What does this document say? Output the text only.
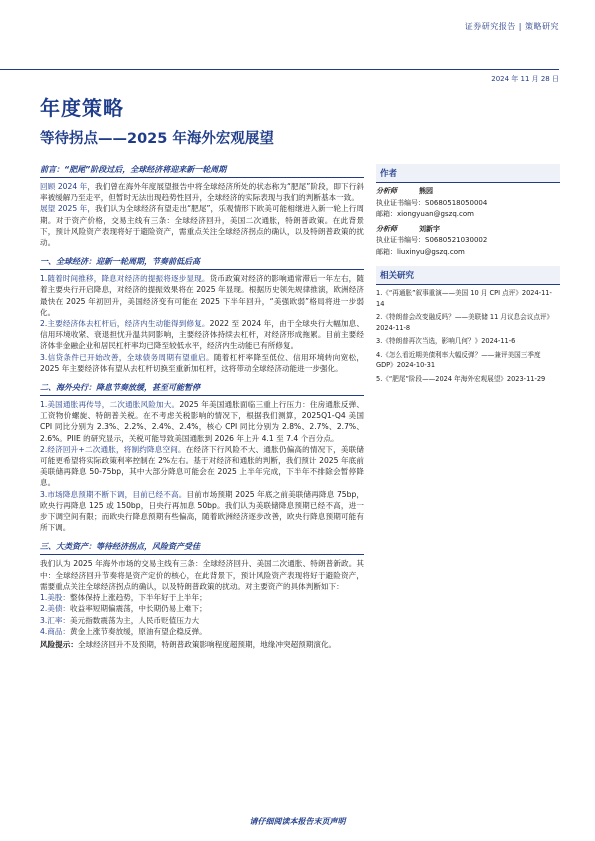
证券研究报告 | 策略研究
2024 年 11 月 28 日
年度策略
等待拐点——2025 年海外宏观展望
前言：“肥尾”阶段过后，全球经济将迎来新一轮周期
回顾 2024 年，我们曾在海外年度展望报告中将全球经济所处的状态称为“肥尾”阶段，即下行斜率被缓解乃至走平，但暂时无法出现趋势性回升，全球经济的实际表现与我们的判断基本一致。
展望 2025 年，我们认为全球经济有望走出“肥尾”，乐观情形下欧美可能相继进入新一轮上行周期。对于资产价格，交易主线有三条：全球经济回升，美国二次通胀，特朗普政策。在此背景下，预计风险资产表现将好于避险资产，需重点关注全球经济拐点的确认，以及特朗普政策的扰动。
一、全球经济：迎新一轮周期，节奏前低后高
1.随着时间推移，降息对经济的提振将逐步显现。货币政策对经济的影响通常滞后一年左右，随着主要央行开启降息，对经济的提振效果将在 2025 年显现。根据历史领先规律推演，欧洲经济最快在 2025 年初回升，美国经济变有可能在 2025 下半年回升，“美强欧弱”格局将进一步弱化。
2.主要经济体去杠杆后，经济内生动能得到修复。2022 至 2024 年，由于全球央行大幅加息、信用环境收紧、衰退担忧升温共同影响，主要经济体持续去杠杆，对经济形成拖累。目前主要经济体非金融企业和居民杠杆率均已降至较低水平，经济内生动能已有所修复。
3.信贷条件已开始改善，全球债务周期有望重启。随着杠杆率降至低位、信用环境转向宽松，2025 年主要经济体有望从去杠杆切换至重新加杠杆，这将带动全球经济动能进一步强化。
二、海外央行：降息节奏放缓，甚至可能暂停
1.美国通胀再传导，二次通胀风险加大。2025 年美国通胀面临三重上行压力：住房通胀反弹、工资物价螺旋、特朗普关税。在不考虑关税影响的情况下，根据我们测算，2025Q1-Q4 美国 CPI 同比分别为 2.3%、2.2%、2.4%、2.4%，核心 CPI 同比分别为 2.8%、2.7%、2.7%、2.6%。PIIE 的研究显示，关税可能导致美国通胀到 2026 年上升 4.1 至 7.4 个百分点。
2.经济回升+二次通胀，将制约降息空间。在经济下行风险不大、通胀仍偏高的情况下，美联储可能更希望将实际政策利率控制在 2%左右。基于对经济和通胀的判断，我们预计 2025 年底前美联储再降息 50-75bp，其中大部分降息可能会在 2025 上半年完成，下半年不排除会暂停降息。
3.市场降息预期不断下调，目前已经不高。目前市场预期 2025 年底之前美联储再降息 75bp，欧央行再降息 125 或 150bp，日央行再加息 50bp。我们认为美联储降息预期已经不高，进一步下调空间有限；而欧央行降息预期有些偏高，随着欧洲经济逐步改善，欧央行降息预期可能有所下调。
三、大类资产：等待经济拐点，风险资产受佳
我们认为 2025 年海外市场的交易主线有三条：全球经济回升、美国二次通胀、特朗普新政。其中：全球经济回升节奏将是资产定价的核心，在此背景下，预计风险资产表现将好于避险资产，需要重点关注全球经济拐点的确认，以及特朗普政策的扰动。对主要资产的具体判断如下：
1.美股：整体保持上涨趋势，下半年好于上半年；
2.美债：收益率短期偏震荡，中长期仍易上难下；
3.汇率：美元指数震荡为主，人民币贬值压力大
4.商品：黄金上涨节奏放缓，原油有望企稳反弹。
风险提示：全球经济回升不及预期，特朗普政策影响程度超预期，地缘冲突超预期演化。
作者
分析师	熊园
执业证书编号：S0680518050004
邮箱：xiongyuan@gszq.com
分析师	刘新宇
执业证书编号：S0680521030002
邮箱：liuxinyu@gszq.com
相关研究
1.《“再通胀”叙事重演——美国 10 月 CPI 点评》2024-11-14
2.《特朗普会改变融反吗？——美联储 11 月议息会议点评》2024-11-8
3.《特朗普再次当选，影响几何？》2024-11-6
4.《怎么看近期美债利率大幅反弹？——兼评美国三季度 GDP》2024-10-31
5.《“肥尾”阶段——2024 年海外宏观展望》2023-11-29
请仔细阅读本报告末页声明
